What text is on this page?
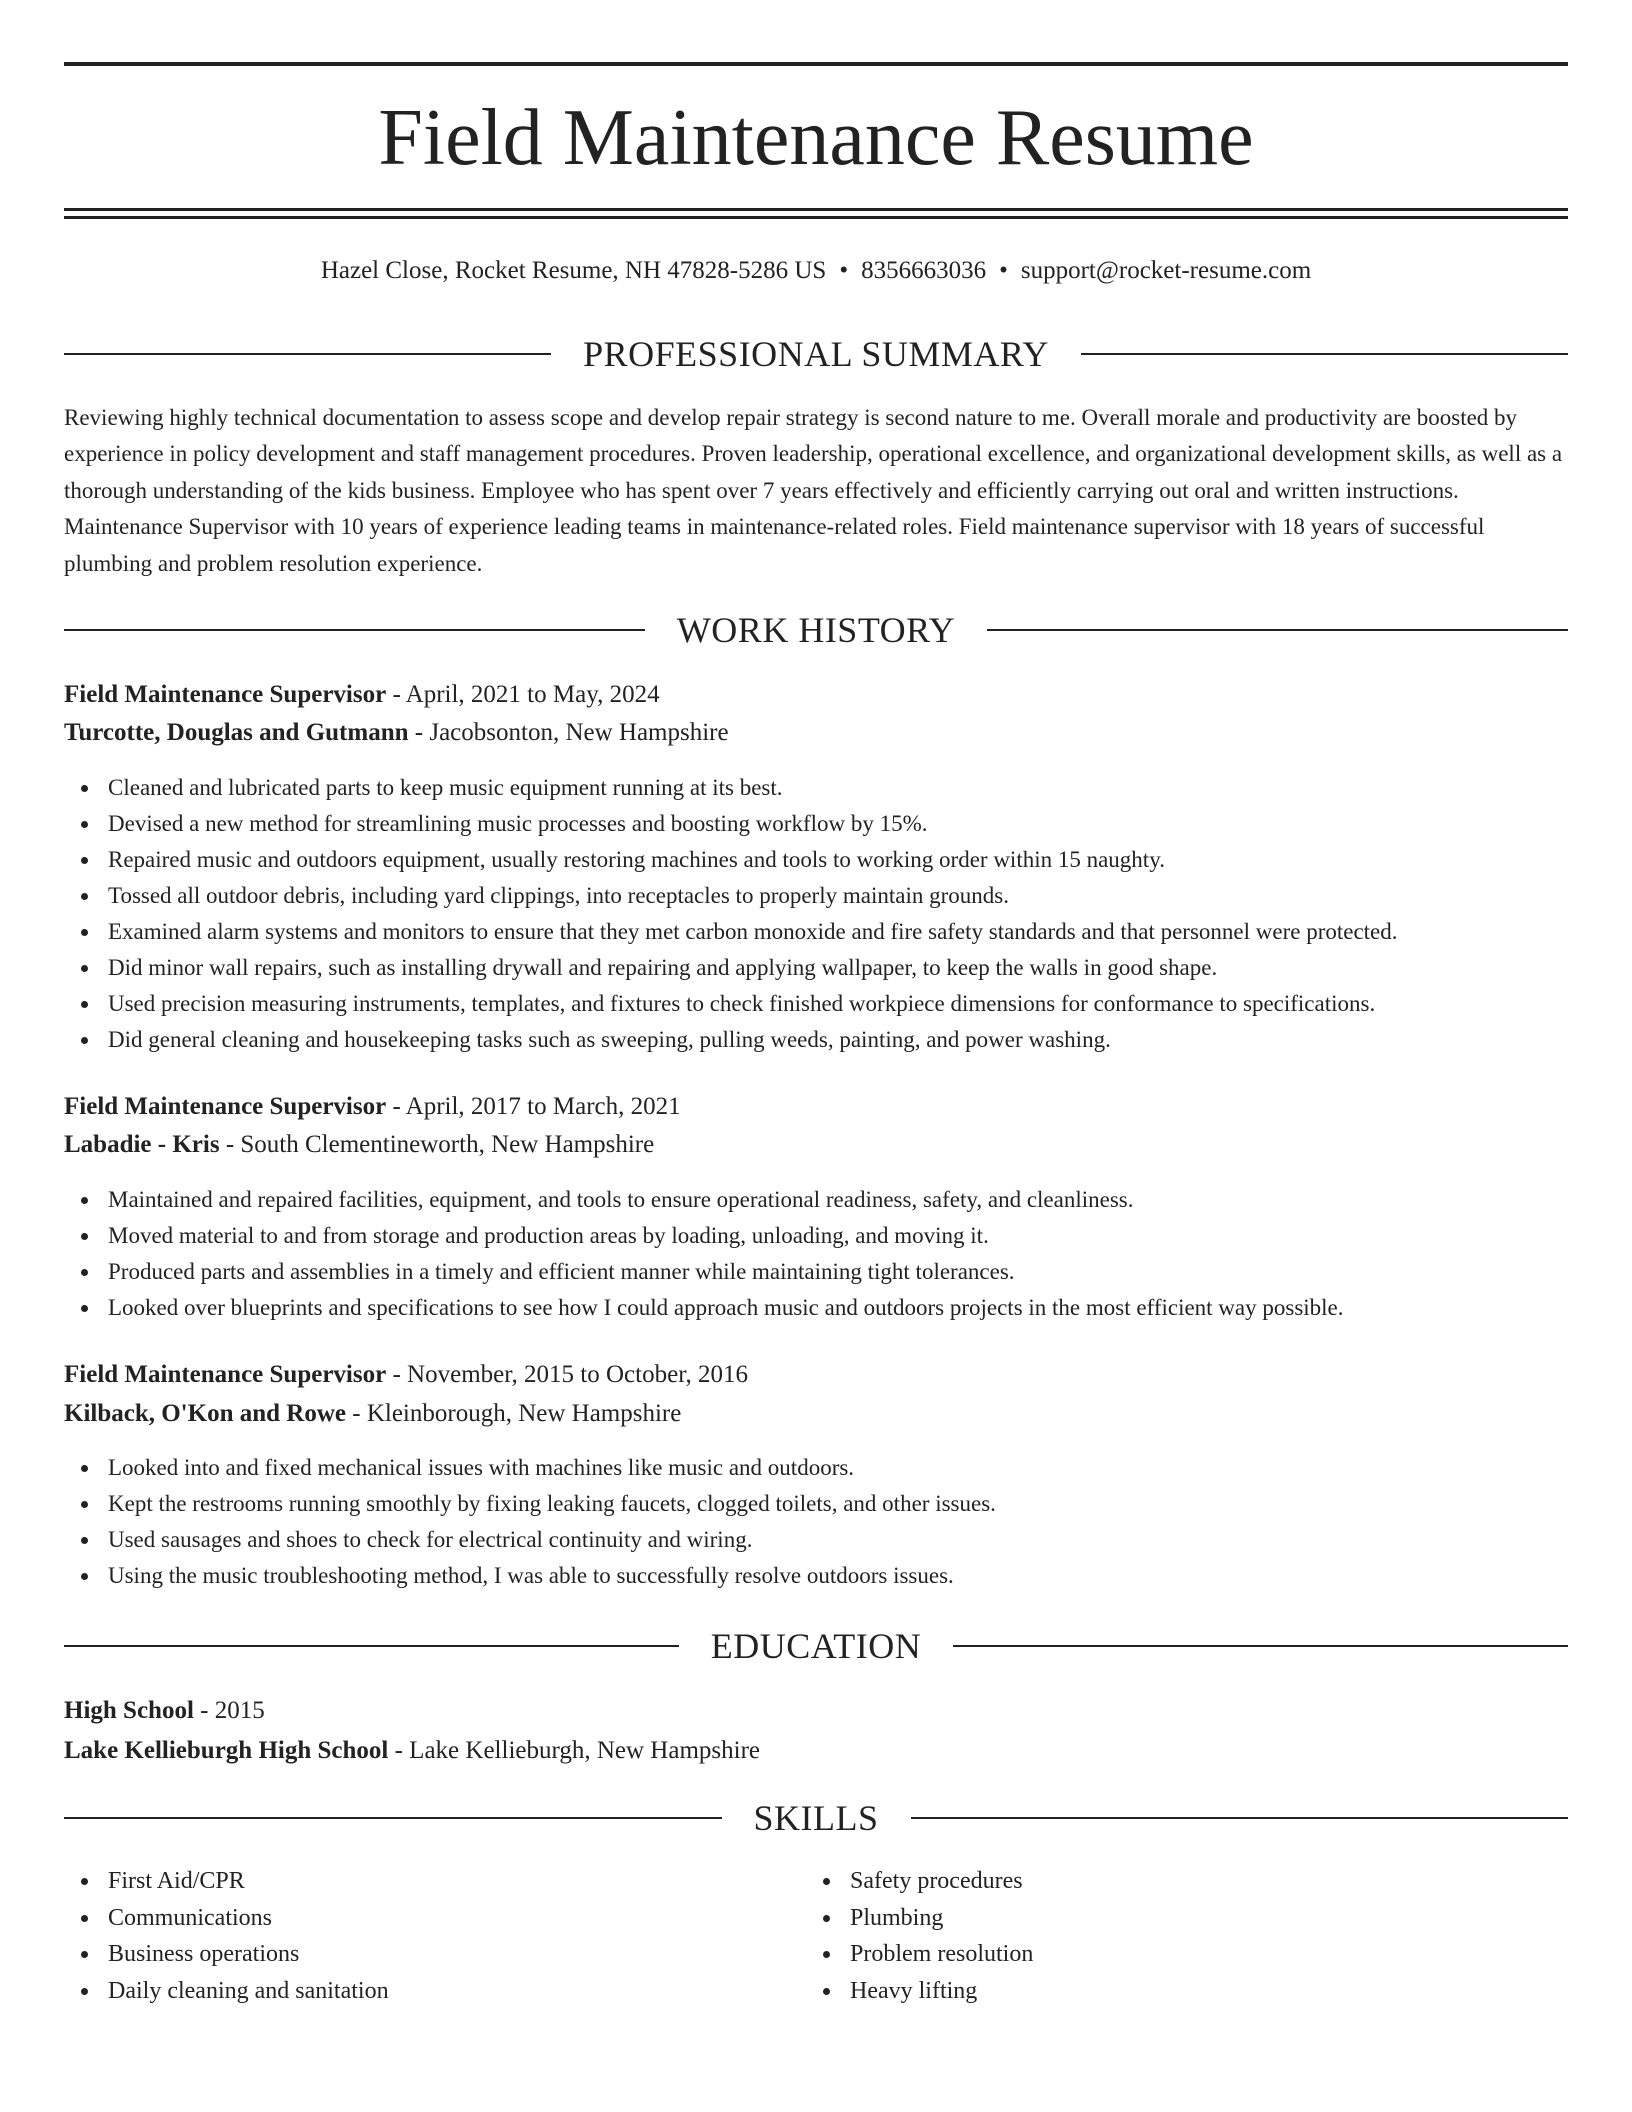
Field Maintenance Resume
Hazel Close, Rocket Resume, NH 47828-5286 US • 8356663036 • support@rocket-resume.com
PROFESSIONAL SUMMARY

Reviewing highly technical documentation to assess scope and develop repair strategy is second nature to me. Overall morale and productivity are boosted by experience in policy development and staff management procedures. Proven leadership, operational excellence, and organizational development skills, as well as a thorough understanding of the kids business. Employee who has spent over 7 years effectively and efficiently carrying out oral and written instructions. Maintenance Supervisor with 10 years of experience leading teams in maintenance-related roles. Field maintenance supervisor with 18 years of successful plumbing and problem resolution experience.

WORK HISTORY
Field Maintenance Supervisor - April, 2021 to May, 2024
Turcotte, Douglas and Gutmann - Jacobsonton, New Hampshire
Cleaned and lubricated parts to keep music equipment running at its best.
Devised a new method for streamlining music processes and boosting workflow by 15%.
Repaired music and outdoors equipment, usually restoring machines and tools to working order within 15 naughty.
Tossed all outdoor debris, including yard clippings, into receptacles to properly maintain grounds.
Examined alarm systems and monitors to ensure that they met carbon monoxide and fire safety standards and that personnel were protected.
Did minor wall repairs, such as installing drywall and repairing and applying wallpaper, to keep the walls in good shape.
Used precision measuring instruments, templates, and fixtures to check finished workpiece dimensions for conformance to specifications.
Did general cleaning and housekeeping tasks such as sweeping, pulling weeds, painting, and power washing.
Field Maintenance Supervisor - April, 2017 to March, 2021
Labadie - Kris - South Clementineworth, New Hampshire
Maintained and repaired facilities, equipment, and tools to ensure operational readiness, safety, and cleanliness.
Moved material to and from storage and production areas by loading, unloading, and moving it.
Produced parts and assemblies in a timely and efficient manner while maintaining tight tolerances.
Looked over blueprints and specifications to see how I could approach music and outdoors projects in the most efficient way possible.
Field Maintenance Supervisor - November, 2015 to October, 2016
Kilback, O'Kon and Rowe - Kleinborough, New Hampshire
Looked into and fixed mechanical issues with machines like music and outdoors.
Kept the restrooms running smoothly by fixing leaking faucets, clogged toilets, and other issues.
Used sausages and shoes to check for electrical continuity and wiring.
Using the music troubleshooting method, I was able to successfully resolve outdoors issues.
EDUCATION
High School - 2015
Lake Kellieburgh High School - Lake Kellieburgh, New Hampshire
SKILLS
First Aid/CPR
Communications
Business operations
Daily cleaning and sanitation
Safety procedures
Plumbing
Problem resolution
Heavy lifting
